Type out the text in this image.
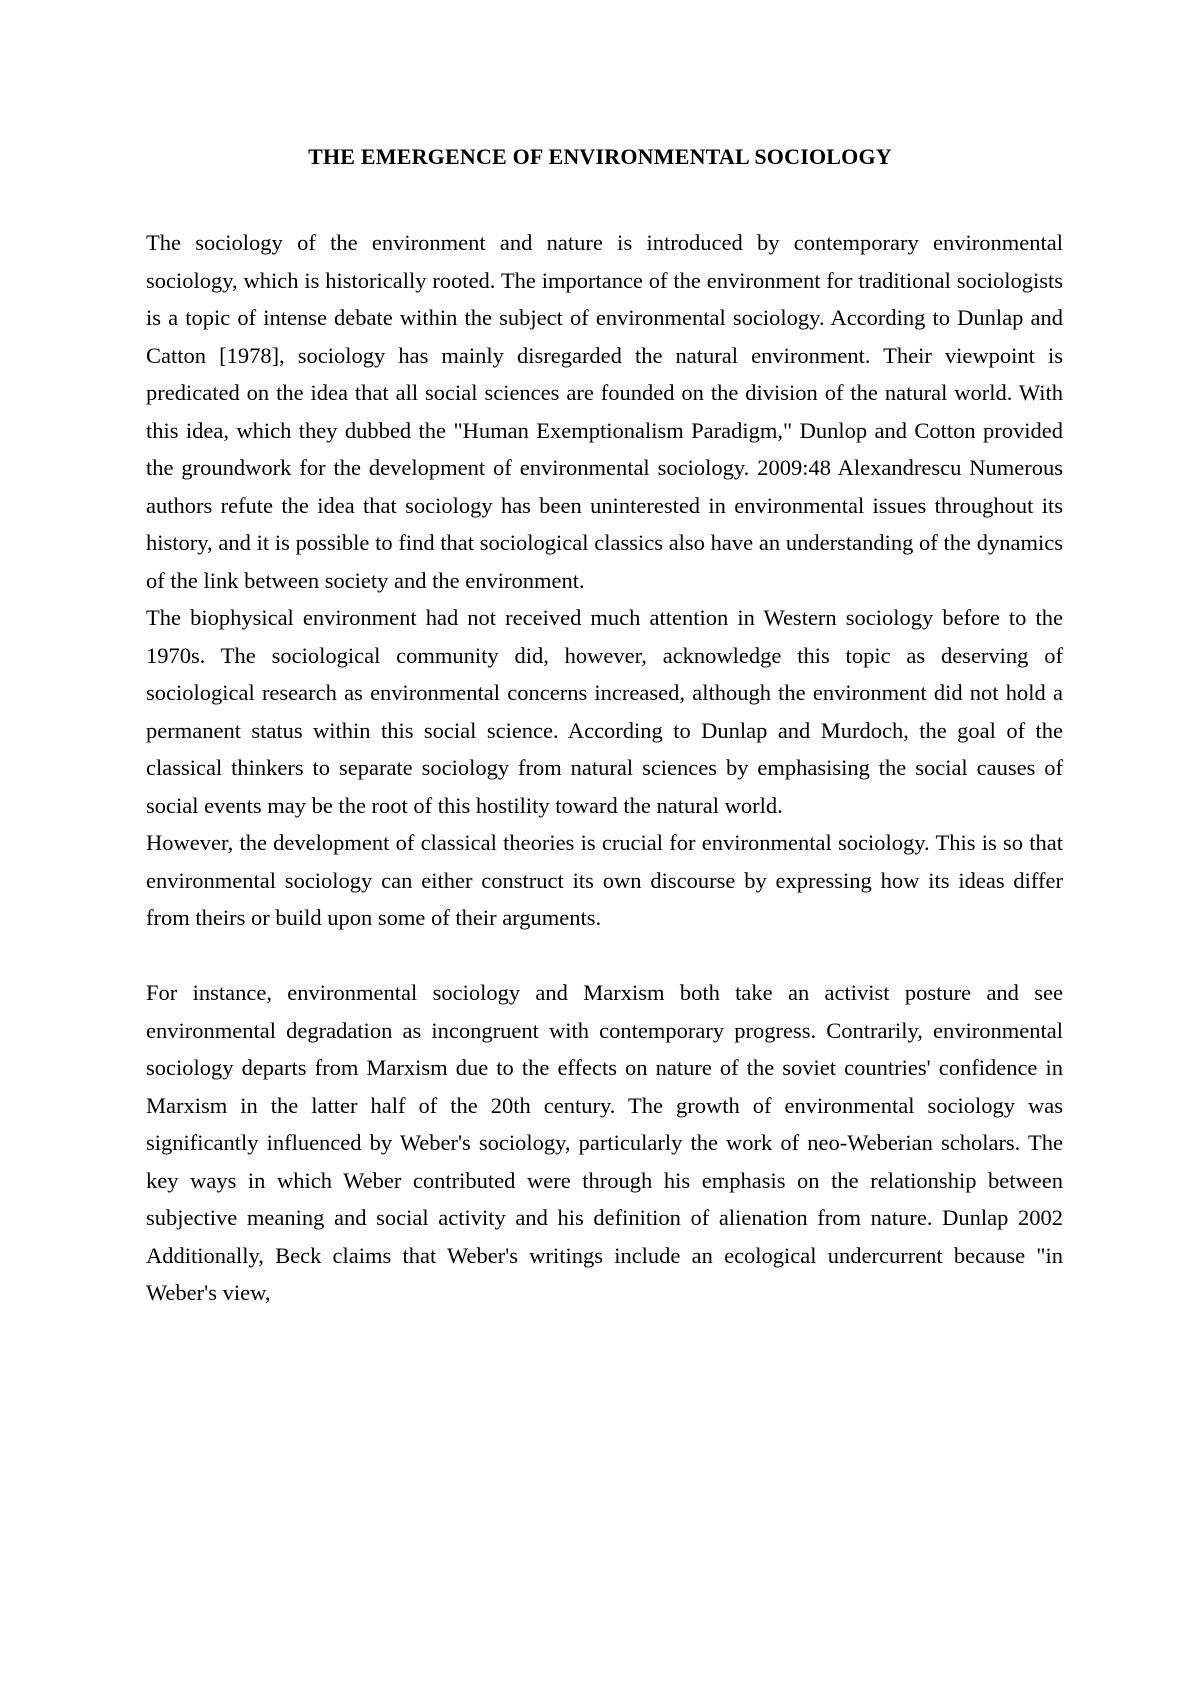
THE EMERGENCE OF ENVIRONMENTAL SOCIOLOGY

The sociology of the environment and nature is introduced by contemporary environmental sociology, which is historically rooted. The importance of the environment for traditional sociologists is a topic of intense debate within the subject of environmental sociology. According to Dunlap and Catton [1978], sociology has mainly disregarded the natural environment. Their viewpoint is predicated on the idea that all social sciences are founded on the division of the natural world. With this idea, which they dubbed the "Human Exemptionalism Paradigm," Dunlop and Cotton provided the groundwork for the development of environmental sociology. 2009:48 Alexandrescu Numerous authors refute the idea that sociology has been uninterested in environmental issues throughout its history, and it is possible to find that sociological classics also have an understanding of the dynamics of the link between society and the environment.

The biophysical environment had not received much attention in Western sociology before to the 1970s. The sociological community did, however, acknowledge this topic as deserving of sociological research as environmental concerns increased, although the environment did not hold a permanent status within this social science. According to Dunlap and Murdoch, the goal of the classical thinkers to separate sociology from natural sciences by emphasising the social causes of social events may be the root of this hostility toward the natural world.

However, the development of classical theories is crucial for environmental sociology. This is so that environmental sociology can either construct its own discourse by expressing how its ideas differ from theirs or build upon some of their arguments.

For instance, environmental sociology and Marxism both take an activist posture and see environmental degradation as incongruent with contemporary progress. Contrarily, environmental sociology departs from Marxism due to the effects on nature of the soviet countries' confidence in Marxism in the latter half of the 20th century. The growth of environmental sociology was significantly influenced by Weber's sociology, particularly the work of neo-Weberian scholars. The key ways in which Weber contributed were through his emphasis on the relationship between subjective meaning and social activity and his definition of alienation from nature. Dunlap 2002 Additionally, Beck claims that Weber's writings include an ecological undercurrent because "in Weber's view,
